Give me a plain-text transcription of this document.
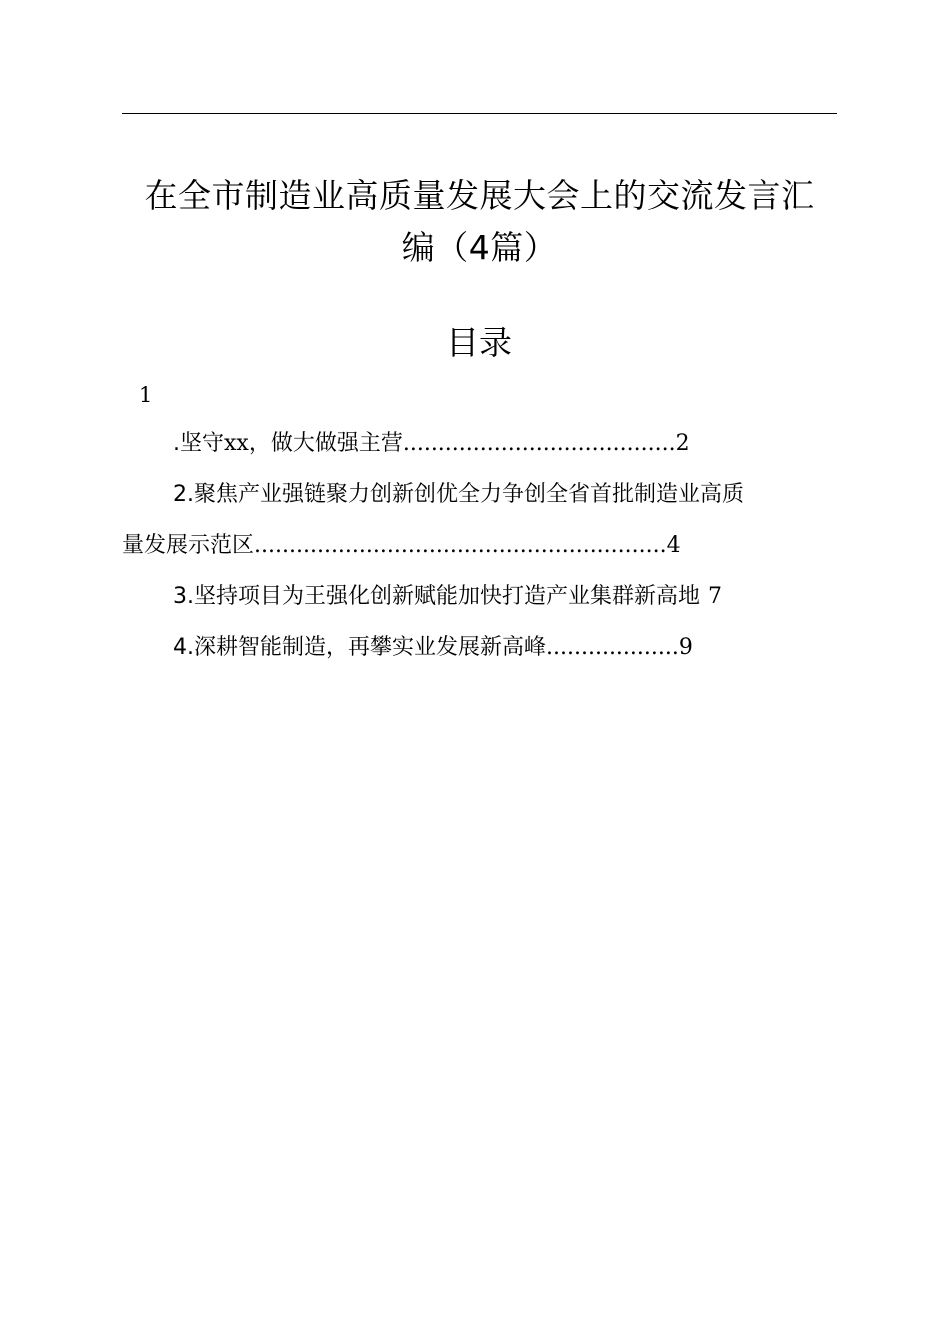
在全市制造业高质量发展大会上的交流发言汇
编（4篇）
目录
1
.坚守 xx ，做大做强主营 ....................................... 2
2.聚焦产业强链聚力创新创优全力争创全省首批制造业高质
量发展示范区 ........................................................... 4
3.坚持项目为王强化创新赋能加快打造产业集群新高地 7
4.深耕智能制造，再攀实业发展新高峰 ................... 9
